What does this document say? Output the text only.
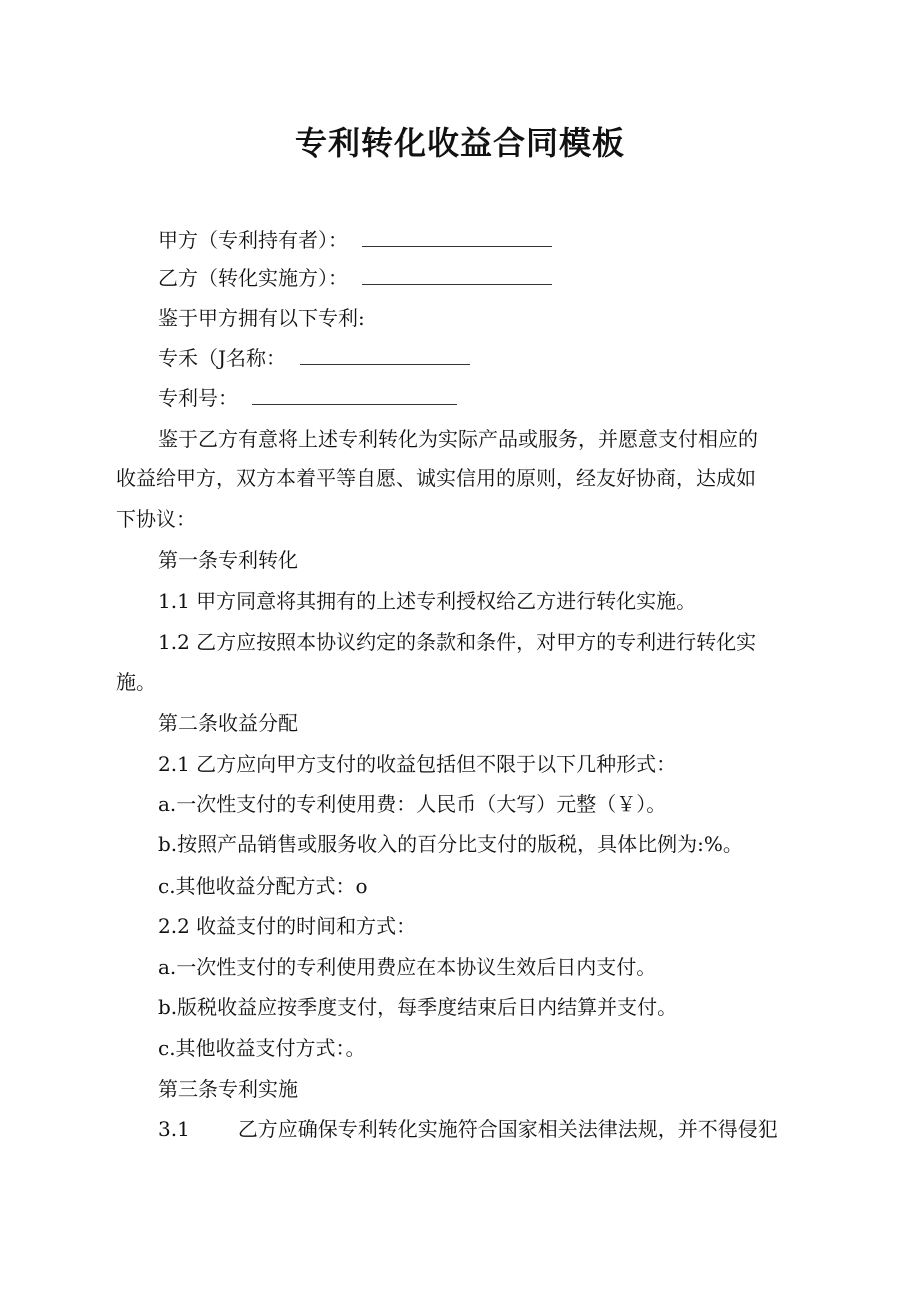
专利转化收益合同模板

甲方（专利持有者）：

乙方（转化实施方）：

鉴于甲方拥有以下专利:

专禾（J名称：

专利号：

鉴于乙方有意将上述专利转化为实际产品或服务，并愿意支付相应的

收益给甲方，双方本着平等自愿、诚实信用的原则，经友好协商，达成如

下协议：

第一条专利转化

1.1 甲方同意将其拥有的上述专利授权给乙方进行转化实施。

1.2 乙方应按照本协议约定的条款和条件，对甲方的专利进行转化实

施。

第二条收益分配

2.1 乙方应向甲方支付的收益包括但不限于以下几种形式：

a.一次性支付的专利使用费：人民币（大写）元整（￥）。

b.按照产品销售或服务收入的百分比支付的版税，具体比例为:%。

c.其他收益分配方式：o

2.2 收益支付的时间和方式：

a.一次性支付的专利使用费应在本协议生效后日内支付。

b.版税收益应按季度支付，每季度结束后日内结算并支付。

c.其他收益支付方式：。

第三条专利实施

3.1 乙方应确保专利转化实施符合国家相关法律法规，并不得侵犯
